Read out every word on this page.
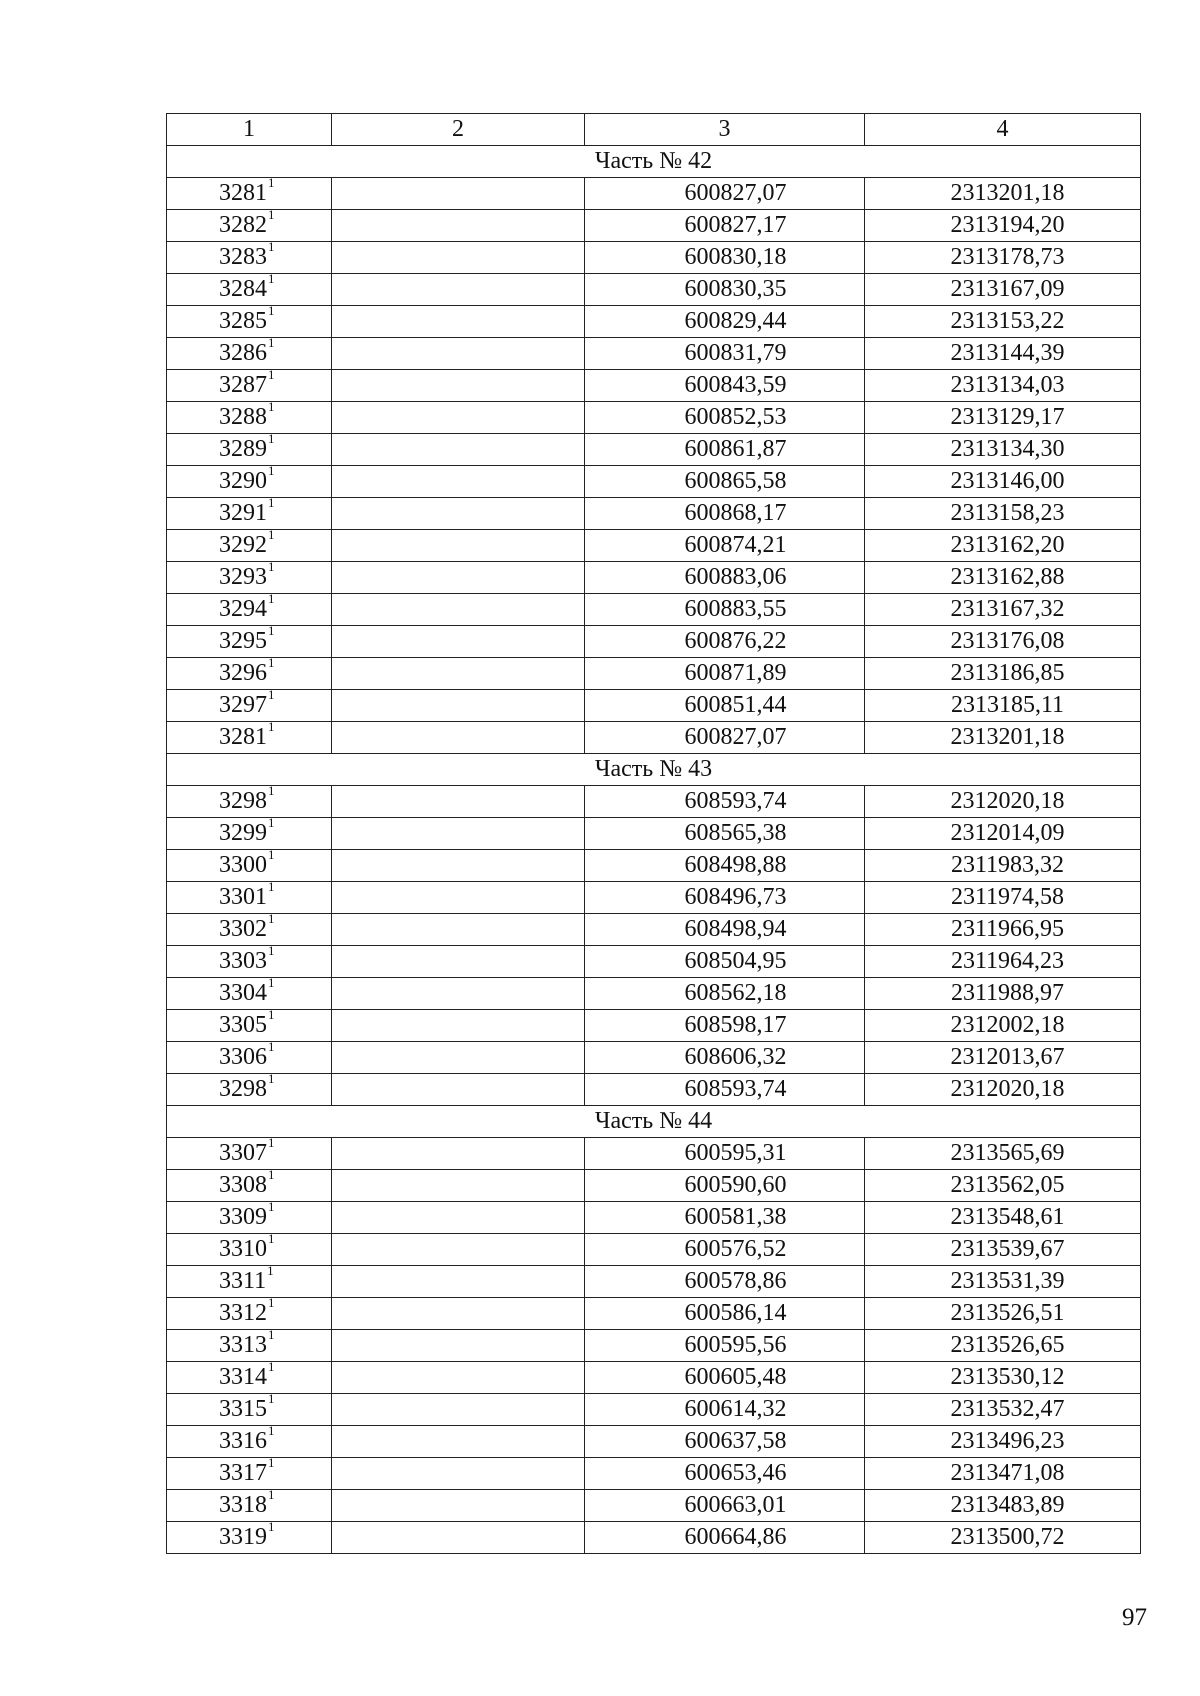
1	2	3	4
Часть № 42			
3281$^1$		600827,07	2313201,18
3282$^1$		600827,17	2313194,20
3283$^1$		600830,18	2313178,73
3284$^1$		600830,35	2313167,09
3285$^1$		600829,44	2313153,22
3286$^1$		600831,79	2313144,39
3287$^1$		600843,59	2313134,03
3288$^1$		600852,53	2313129,17
3289$^1$		600861,87	2313134,30
3290$^1$		600865,58	2313146,00
3291$^1$		600868,17	2313158,23
3292$^1$		600874,21	2313162,20
3293$^1$		600883,06	2313162,88
3294$^1$		600883,55	2313167,32
3295$^1$		600876,22	2313176,08
3296$^1$		600871,89	2313186,85
3297$^1$		600851,44	2313185,11
3281$^1$		600827,07	2313201,18
Часть № 43			
3298$^1$		608593,74	2312020,18
3299$^1$		608565,38	2312014,09
3300$^1$		608498,88	2311983,32
3301$^1$		608496,73	2311974,58
3302$^1$		608498,94	2311966,95
3303$^1$		608504,95	2311964,23
3304$^1$		608562,18	2311988,97
3305$^1$		608598,17	2312002,18
3306$^1$		608606,32	2312013,67
3298$^1$		608593,74	2312020,18
Часть № 44			
3307$^1$		600595,31	2313565,69
3308$^1$		600590,60	2313562,05
3309$^1$		600581,38	2313548,61
3310$^1$		600576,52	2313539,67
3311$^1$		600578,86	2313531,39
3312$^1$		600586,14	2313526,51
3313$^1$		600595,56	2313526,65
3314$^1$		600605,48	2313530,12
3315$^1$		600614,32	2313532,47
3316$^1$		600637,58	2313496,23
3317$^1$		600653,46	2313471,08
3318$^1$		600663,01	2313483,89
3319$^1$		600664,86	2313500,72
97
